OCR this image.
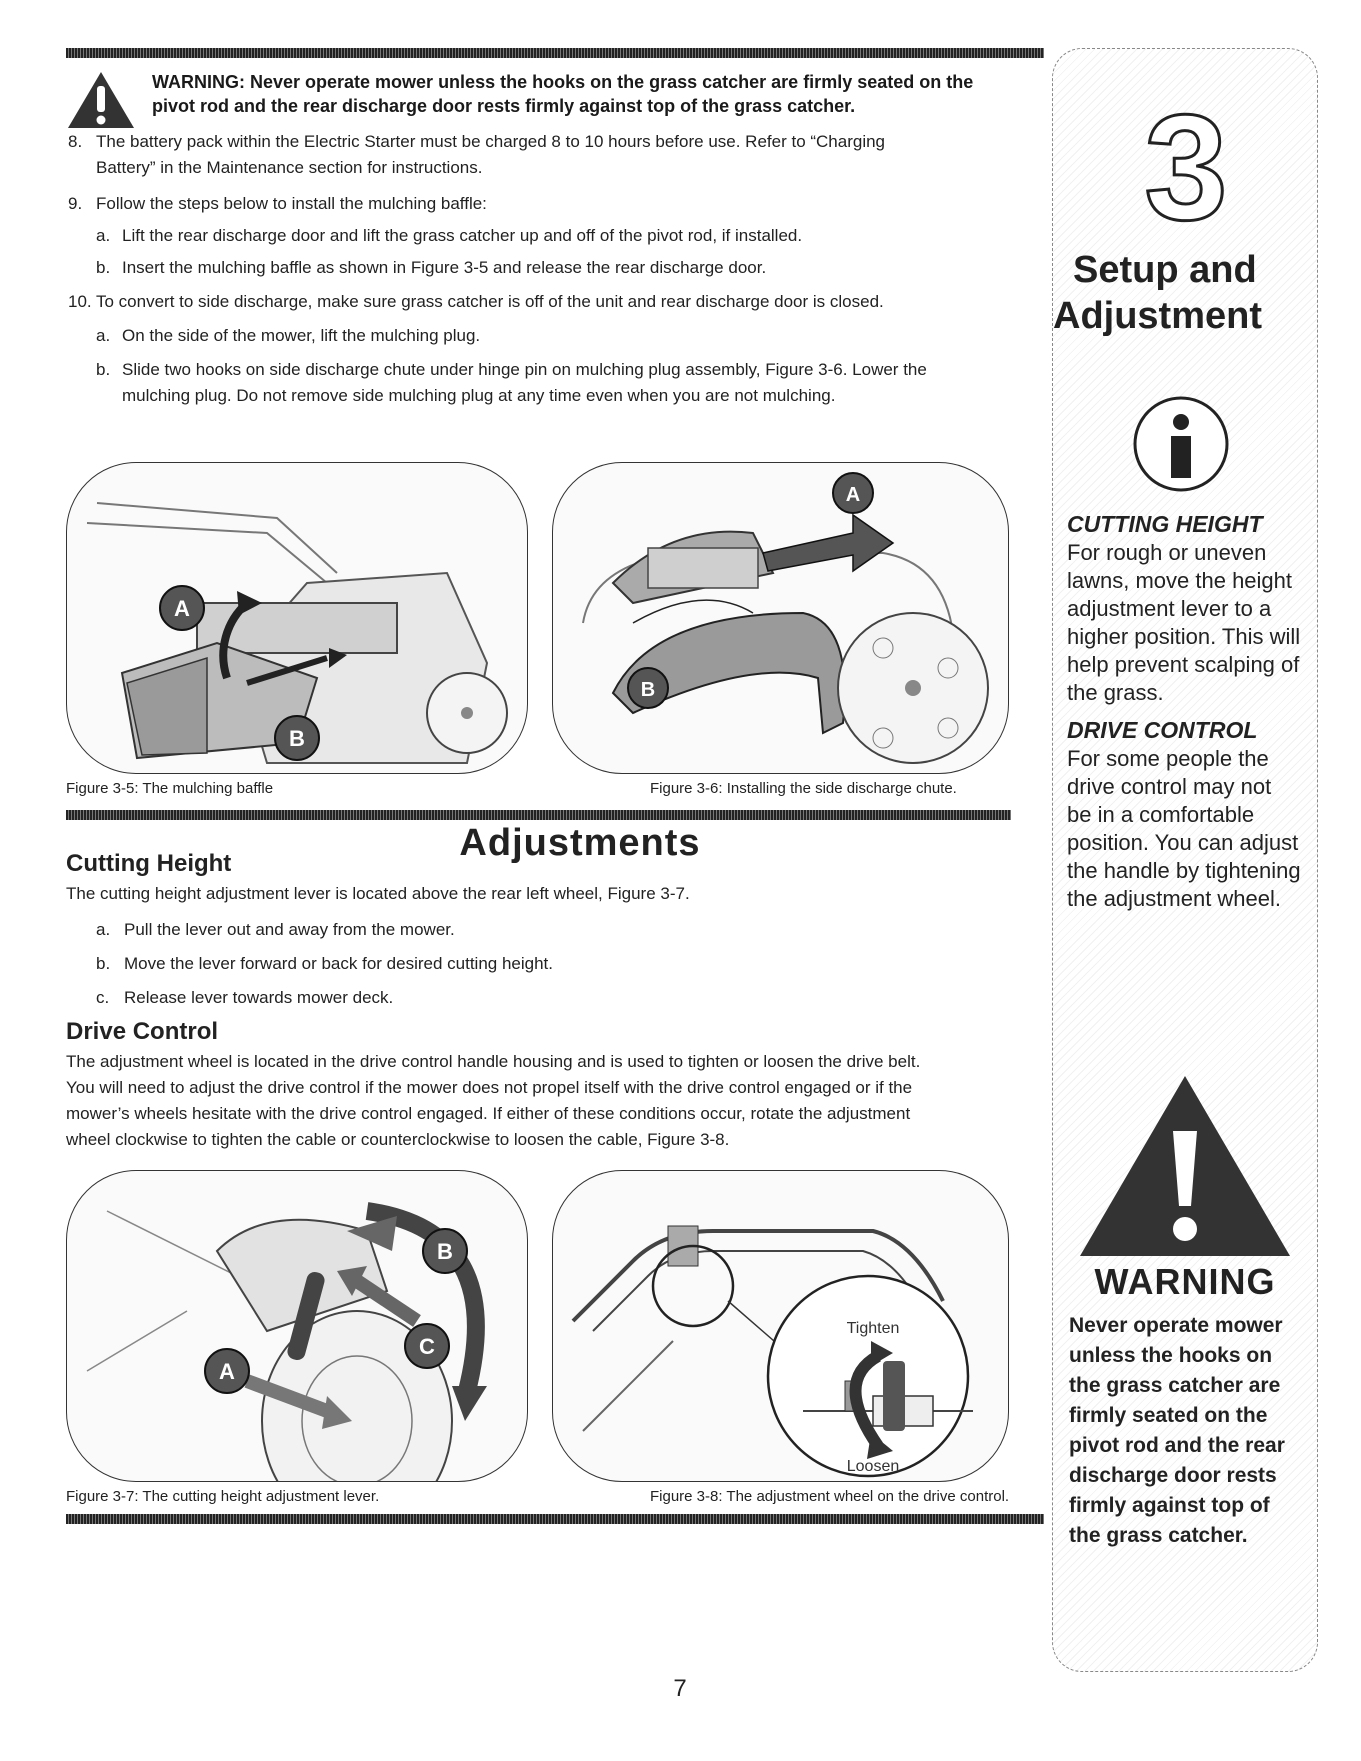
WARNING: Never operate mower unless the hooks on the grass catcher are firmly seated on the
pivot rod and the rear discharge door rests firmly against top of the grass catcher.
8. The battery pack within the Electric Starter must be charged 8 to 10 hours before use. Refer to “Charging
Battery” in the Maintenance section for instructions.
9. Follow the steps below to install the mulching baffle:
a. Lift the rear discharge door and lift the grass catcher up and off of the pivot rod, if installed.
b. Insert the mulching baffle as shown in Figure 3-5 and release the rear discharge door.
10. To convert to side discharge, make sure grass catcher is off of the unit and rear discharge door is closed.
a. On the side of the mower, lift the mulching plug.
b. Slide two hooks on side discharge chute under hinge pin on mulching plug assembly, Figure 3-6. Lower the
mulching plug. Do not remove side mulching plug at any time even when you are not mulching.
A
B
Figure 3-5: The mulching baffle
A
B
Figure 3-6: Installing the side discharge chute.
Adjustments
Cutting Height
The cutting height adjustment lever is located above the rear left wheel, Figure 3-7.
a. Pull the lever out and away from the mower.
b. Move the lever forward or back for desired cutting height.
c. Release lever towards mower deck.
Drive Control
The adjustment wheel is located in the drive control handle housing and is used to tighten or loosen the drive belt.
You will need to adjust the drive control if the mower does not propel itself with the drive control engaged or if the
mower’s wheels hesitate with the drive control engaged. If either of these conditions occur, rotate the adjustment
wheel clockwise to tighten the cable or counterclockwise to loosen the cable, Figure 3-8.
A
B
C
Figure 3-7: The cutting height adjustment lever.
Tighten
Loosen
Figure 3-8: The adjustment wheel on the drive control.
7
3
Setup and
Adjustment
CUTTING HEIGHT
For rough or uneven
lawns, move the height
adjustment lever to a
higher position. This will
help prevent scalping of
the grass.
DRIVE CONTROL
For some people the
drive control may not
be in a comfortable
position. You can adjust
the handle by tightening
the adjustment wheel.
WARNING
Never operate mower
unless the hooks on
the grass catcher are
firmly seated on the
pivot rod and the rear
discharge door rests
firmly against top of
the grass catcher.
